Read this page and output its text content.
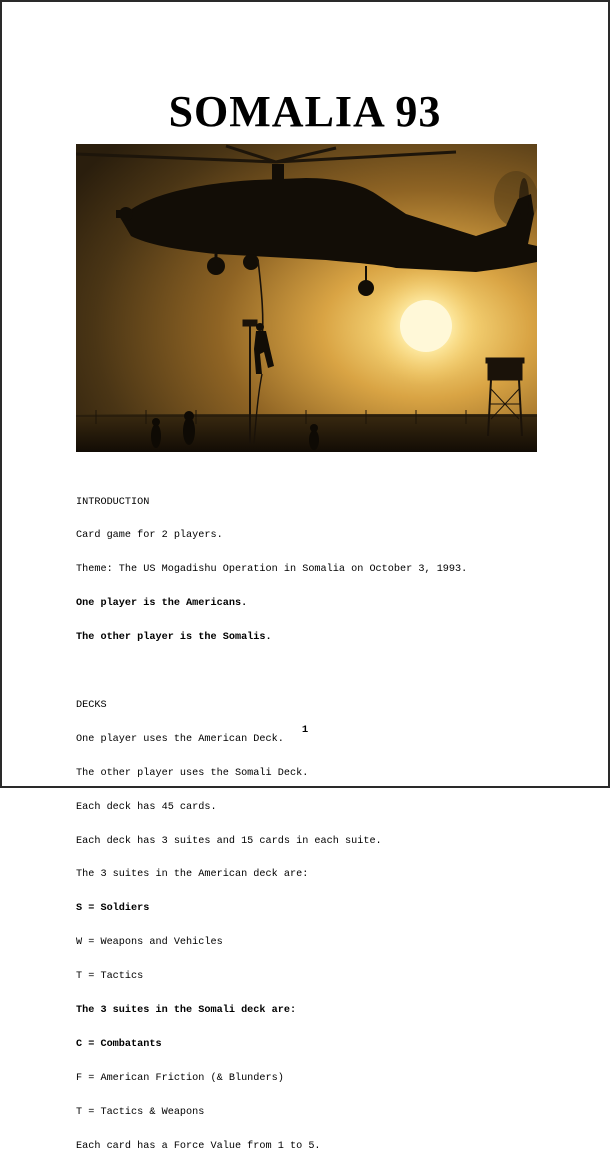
SOMALIA 93

INTRODUCTION

Card game for 2 players.

Theme: The US Mogadishu Operation in Somalia on October 3, 1993.

One player is the Americans.

The other player is the Somalis.

DECKS

One player uses the American Deck.

The other player uses the Somali Deck.

Each deck has 45 cards.

Each deck has 3 suites and 15 cards in each suite.

The 3 suites in the American deck are:

S = Soldiers

W = Weapons and Vehicles

T = Tactics

The 3 suites in the Somali deck are:

C = Combatants

F = American Friction (& Blunders)

T = Tactics & Weapons

Each card has a Force Value from 1 to 5.

1
